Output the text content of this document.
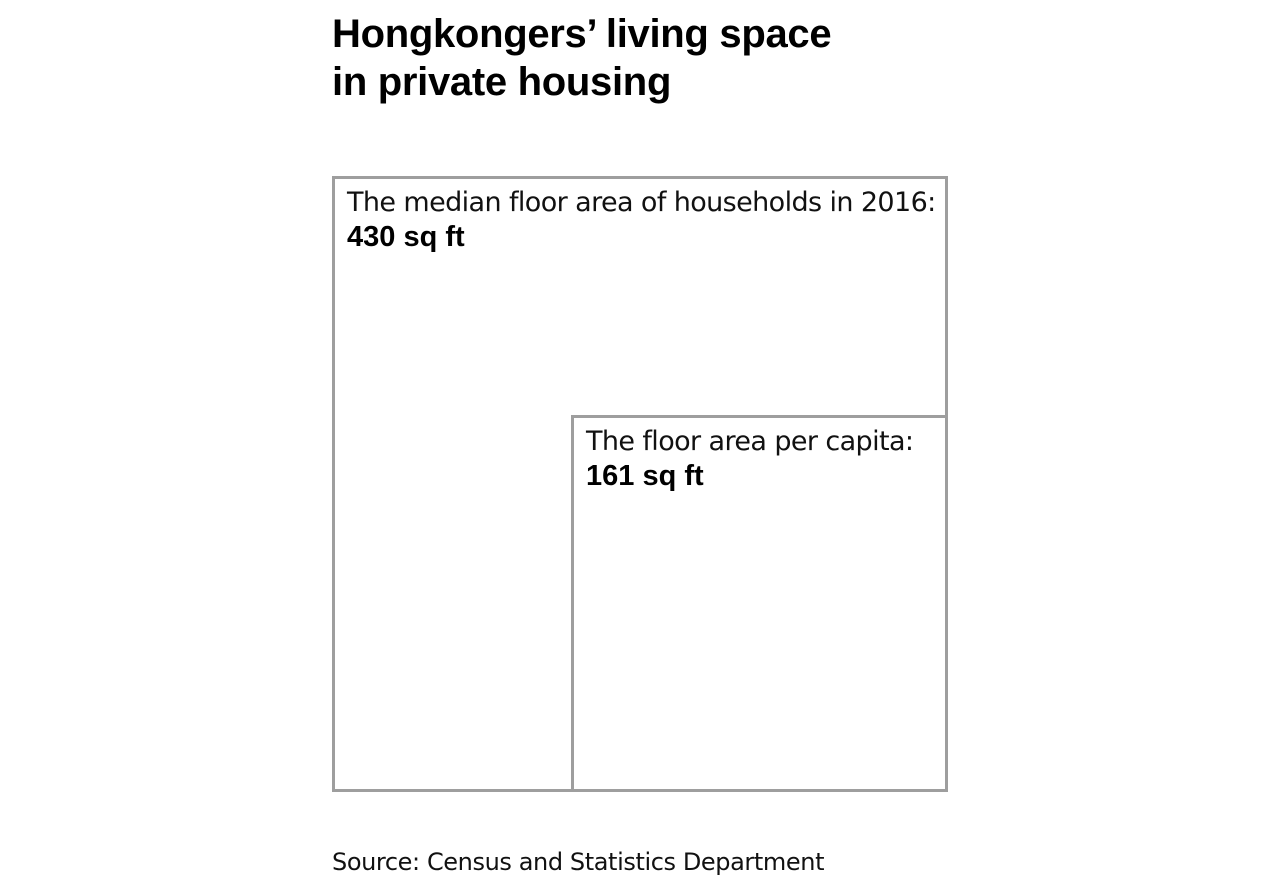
Hongkongers’ living space
in private housing
The median floor area of households in 2016:
430 sq ft
The floor area per capita:
161 sq ft
Source: Census and Statistics Department
